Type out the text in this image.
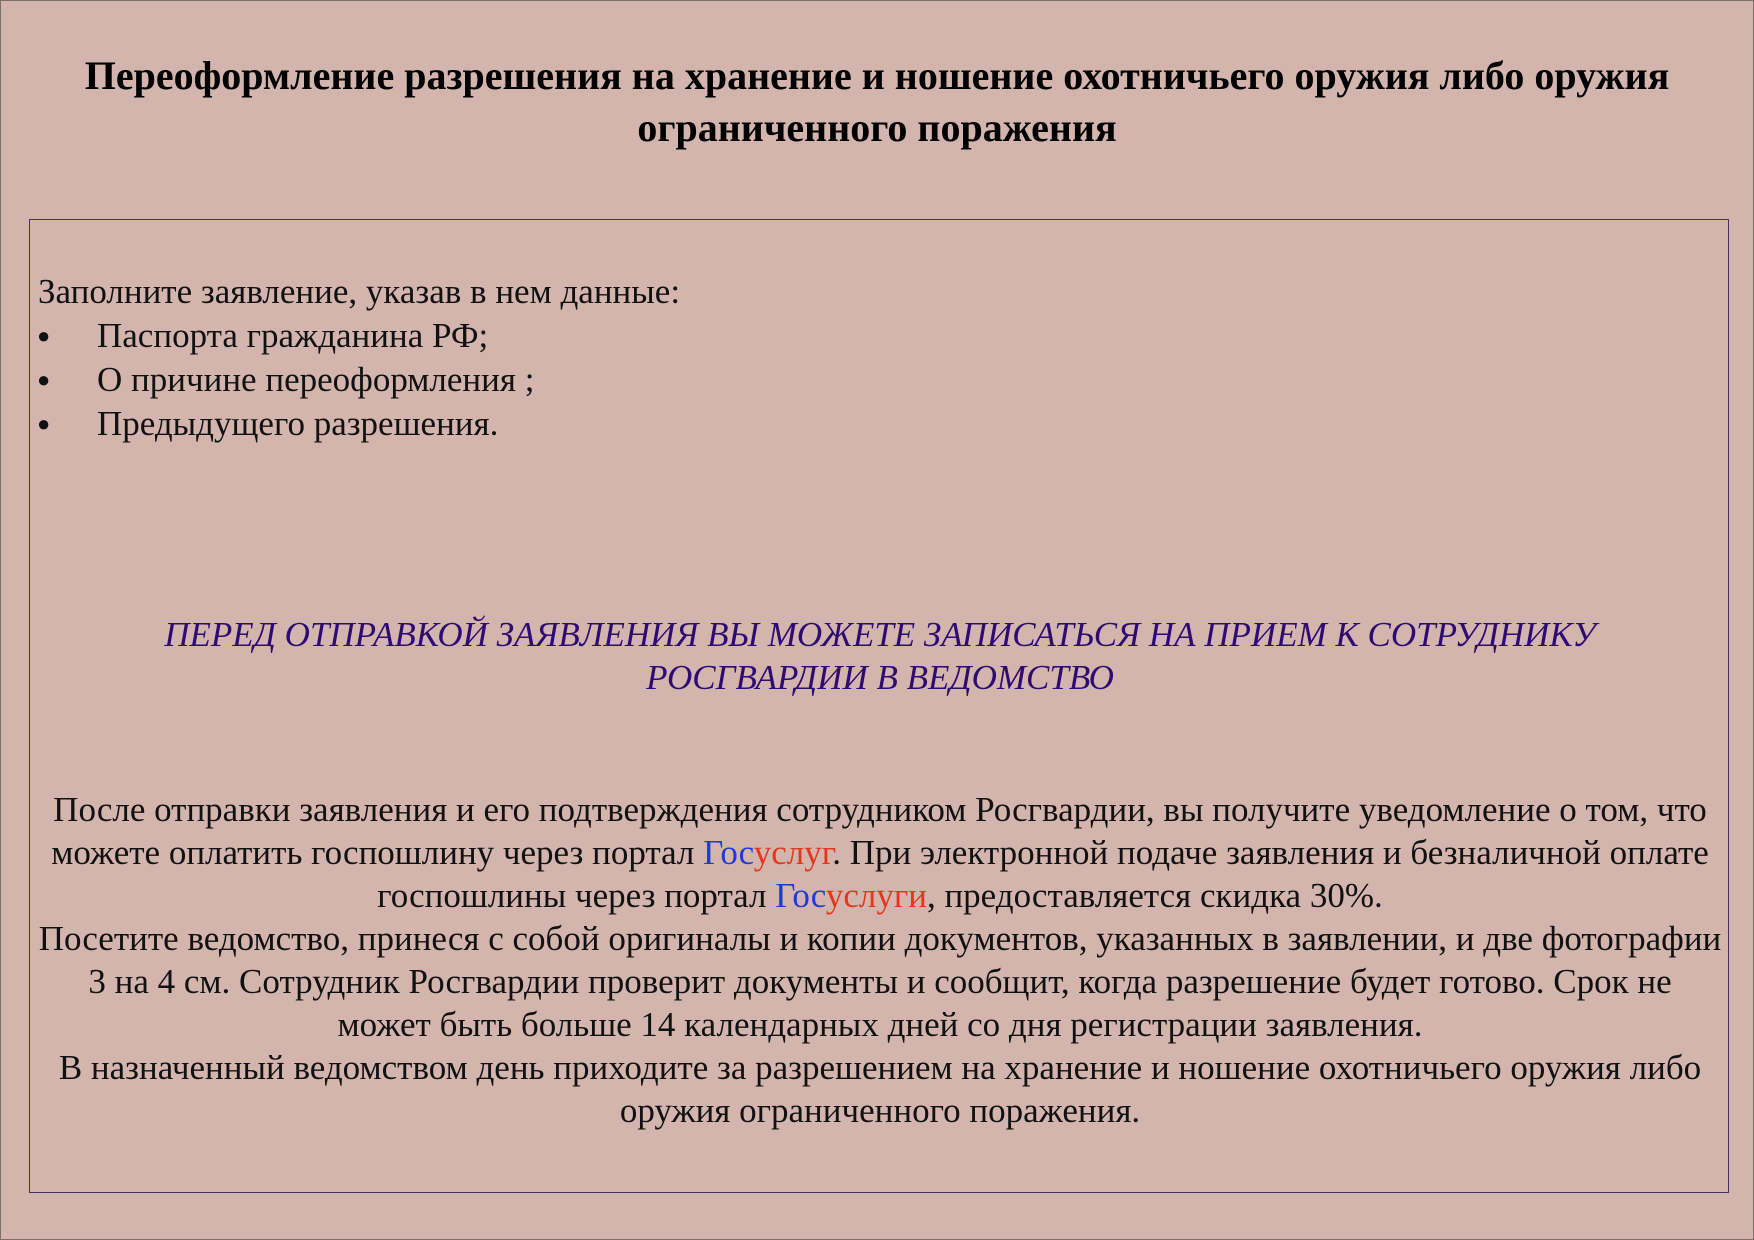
Переоформление разрешения на хранение и ношение охотничьего оружия либо оружия ограниченного поражения

Заполните заявление, указав в нем данные:

● Паспорта гражданина РФ;
● О причине переоформления ;
● Предыдущего разрешения.

ПЕРЕД ОТПРАВКОЙ ЗАЯВЛЕНИЯ ВЫ МОЖЕТЕ ЗАПИСАТЬСЯ НА ПРИЕМ К СОТРУДНИКУ РОСГВАРДИИ В ВЕДОМСТВО

После отправки заявления и его подтверждения сотрудником Росгвардии, вы получите уведомление о том, что можете оплатить госпошлину через портал Госуслуг. При электронной подаче заявления и безналичной оплате госпошлины через портал Госуслуги, предоставляется скидка 30%.

Посетите ведомство, принеся с собой оригиналы и копии документов, указанных в заявлении, и две фотографии 3 на 4 см. Сотрудник Росгвардии проверит документы и сообщит, когда разрешение будет готово. Срок не может быть больше 14 календарных дней со дня регистрации заявления.

В назначенный ведомством день приходите за разрешением на хранение и ношение охотничьего оружия либо оружия ограниченного поражения.
